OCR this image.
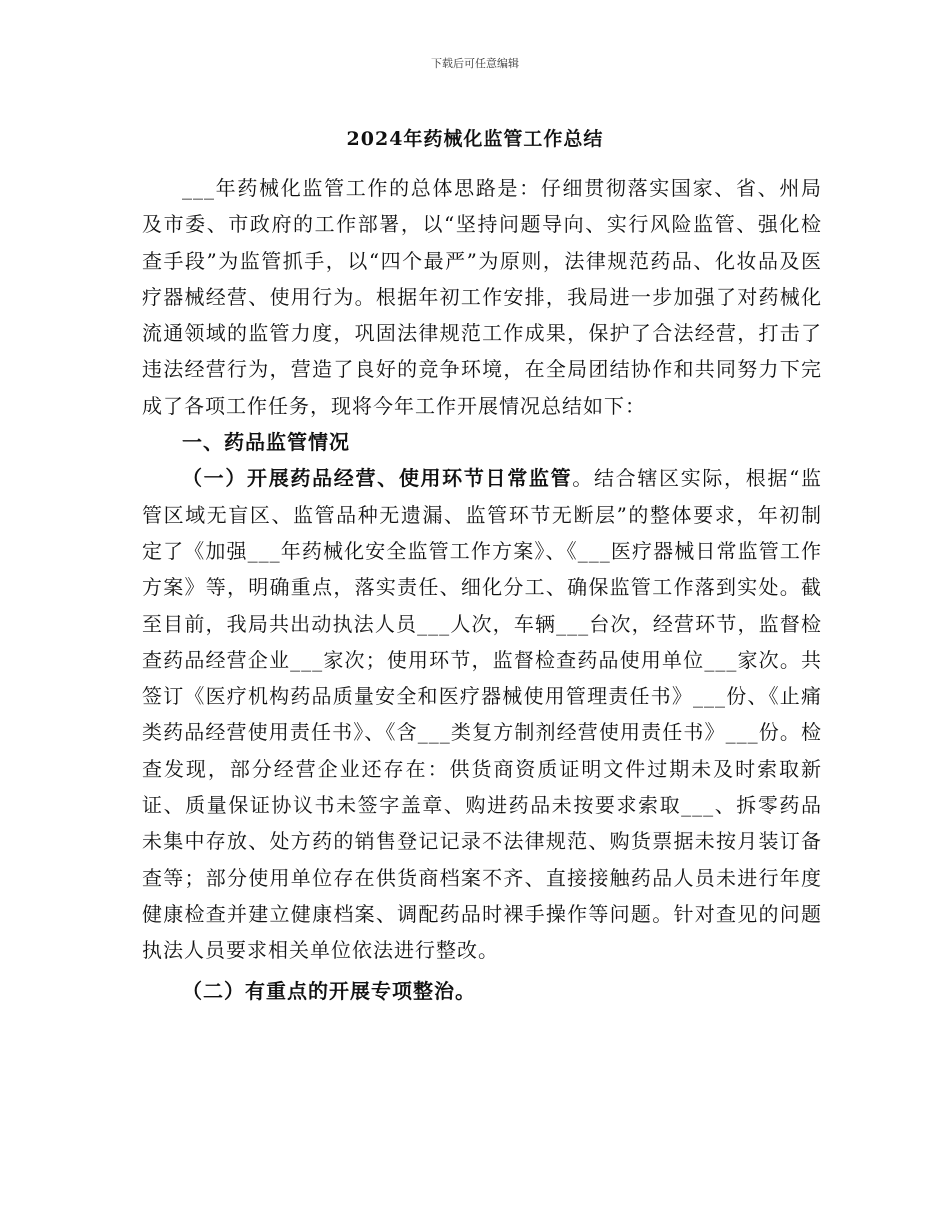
下载后可任意编辑
2024年药械化监管工作总结

___年药械化监管工作的总体思路是：仔细贯彻落实国家、省、州局及市委、市政府的工作部署，以“坚持问题导向、实行风险监管、强化检查手段”为监管抓手，以“四个最严”为原则，法律规范药品、化妆品及医疗器械经营、使用行为。根据年初工作安排，我局进一步加强了对药械化流通领域的监管力度，巩固法律规范工作成果，保护了合法经营，打击了违法经营行为，营造了良好的竞争环境，在全局团结协作和共同努力下完成了各项工作任务，现将今年工作开展情况总结如下：

一、药品监管情况

（一）开展药品经营、使用环节日常监管。结合辖区实际，根据“监管区域无盲区、监管品种无遗漏、监管环节无断层”的整体要求，年初制定了《加强___年药械化安全监管工作方案》、《___医疗器械日常监管工作方案》等，明确重点，落实责任、细化分工、确保监管工作落到实处。截至目前，我局共出动执法人员___人次，车辆___台次，经营环节，监督检查药品经营企业___家次；使用环节，监督检查药品使用单位___家次。共签订《医疗机构药品质量安全和医疗器械使用管理责任书》___份、《止痛类药品经营使用责任书》、《含___类复方制剂经营使用责任书》___份。检查发现，部分经营企业还存在：供货商资质证明文件过期未及时索取新证、质量保证协议书未签字盖章、购进药品未按要求索取___、拆零药品未集中存放、处方药的销售登记记录不法律规范、购货票据未按月装订备查等；部分使用单位存在供货商档案不齐、直接接触药品人员未进行年度健康检查并建立健康档案、调配药品时裸手操作等问题。针对查见的问题执法人员要求相关单位依法进行整改。

（二）有重点的开展专项整治。
